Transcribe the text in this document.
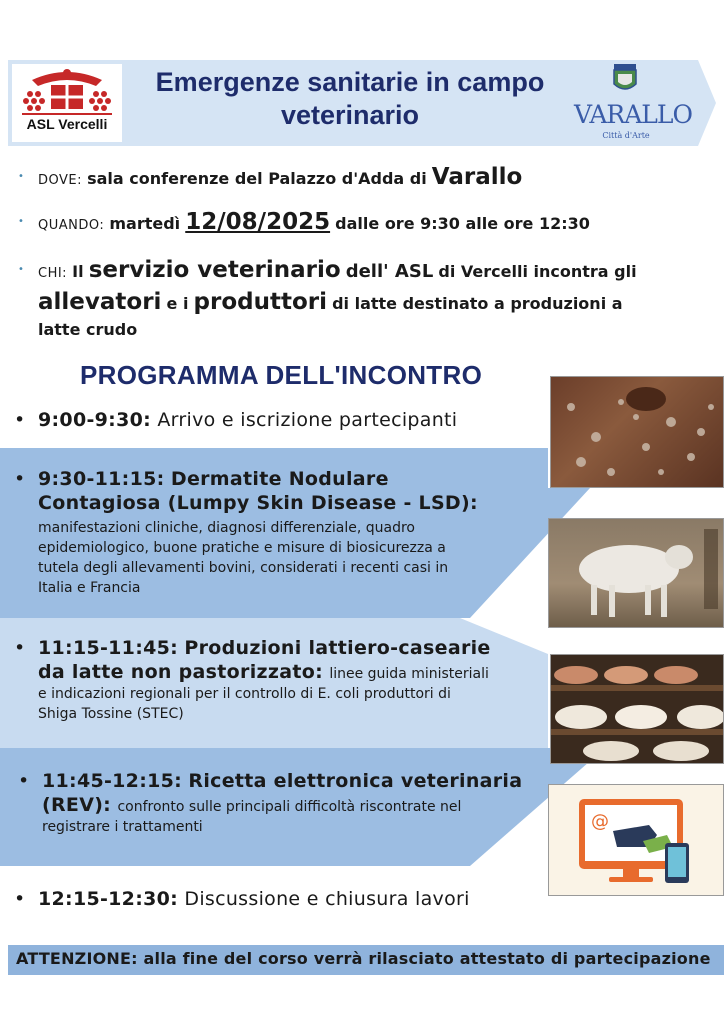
ASL Vercelli
Emergenze sanitarie in campo
veterinario	VARALLO
Città d'Arte
• DOVE: sala conferenze del Palazzo d'Adda di Varallo
• QUANDO: martedì 12/08/2025 dalle ore 9:30 alle ore 12:30
• CHI: Il servizio veterinario dell' ASL di Vercelli incontra gli
allevatori e i produttori di latte destinato a produzioni a
latte crudo
PROGRAMMA DELL'INCONTRO
• 9:00-9:30: Arrivo e iscrizione partecipanti
• 9:30-11:15: Dermatite Nodulare
Contagiosa (Lumpy Skin Disease - LSD):
manifestazioni cliniche, diagnosi differenziale, quadro
epidemiologico, buone pratiche e misure di biosicurezza a
tutela degli allevamenti bovini, considerati i recenti casi in
Italia e Francia
• 11:15-11:45: Produzioni lattiero-casearie
da latte non pastorizzato: linee guida ministeriali
e indicazioni regionali per il controllo di E. coli produttori di
Shiga Tossine (STEC)
• 11:45-12:15: Ricetta elettronica veterinaria
(REV): confronto sulle principali difficoltà riscontrate nel
registrare i trattamenti
• 12:15-12:30: Discussione e chiusura lavori
@
ATTENZIONE: alla fine del corso verrà rilasciato attestato di partecipazione
